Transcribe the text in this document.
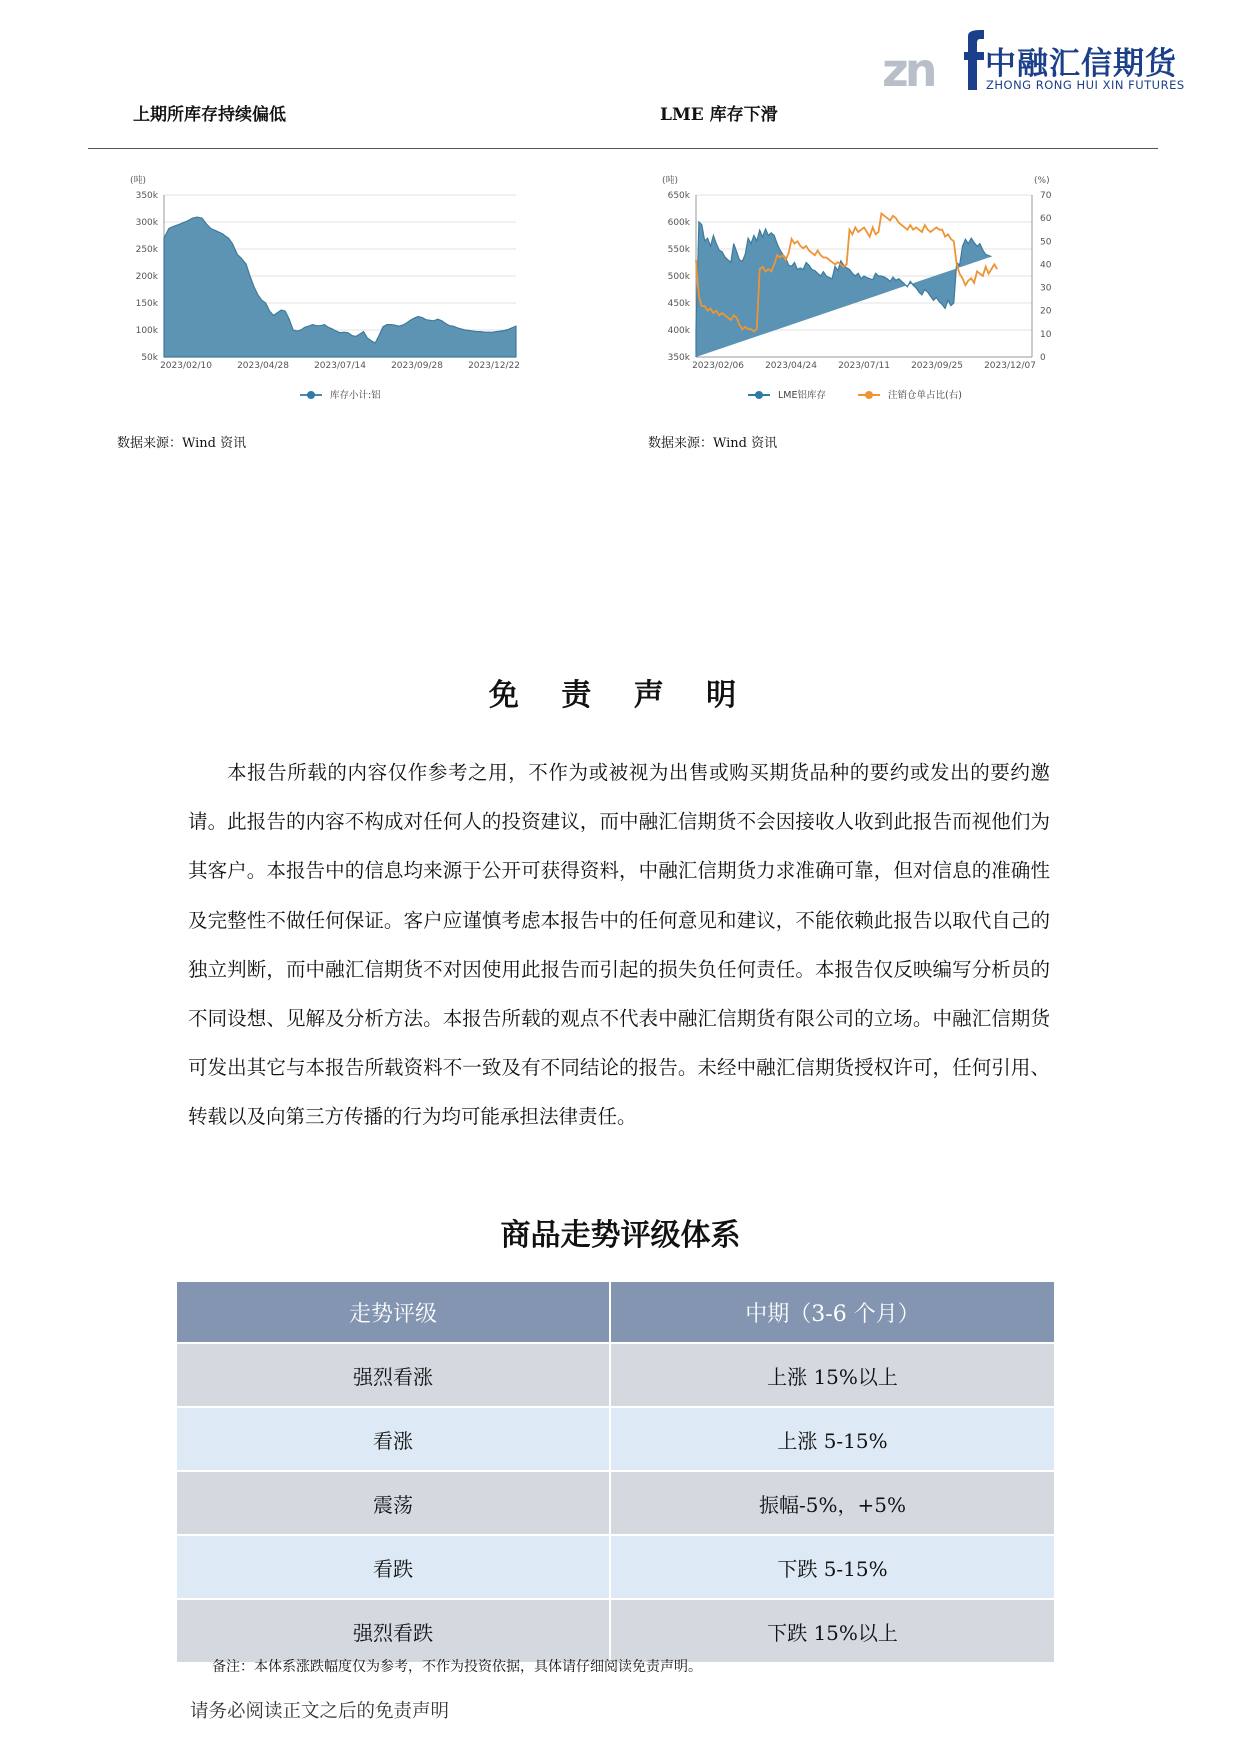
zn 中融汇信期货
ZHONG RONG HUI XIN FUTURES
上期所库存持续偏低	LME 库存下滑
350k
300k
250k
200k
150k
100k
50k
(吨)
2023/02/10	2023/04/28	2023/07/14	2023/09/28	2023/12/22
库存小计:铝
650k
600k
550k
500k
450k
400k
350k
(吨)
70
60
50
40
30
20
10
0
(%)
2023/02/06 2023/04/24 2023/07/11 2023/09/25 2023/12/07
LME铝库存	注销仓单占比(右)
数据来源：Wind 资讯	数据来源：Wind 资讯
免 责 声 明
本报告所载的内容仅作参考之用，不作为或被视为出售或购买期货品种的要约或发出的要约邀请。此报告的内容不构成对任何人的投资建议，而中融汇信期货不会因接收人收到此报告而视他们为其客户。本报告中的信息均来源于公开可获得资料，中融汇信期货力求准确可靠，但对信息的准确性及完整性不做任何保证。客户应谨慎考虑本报告中的任何意见和建议，不能依赖此报告以取代自己的独立判断，而中融汇信期货不对因使用此报告而引起的损失负任何责任。本报告仅反映编写分析员的不同设想、见解及分析方法。本报告所载的观点不代表中融汇信期货有限公司的立场。中融汇信期货可发出其它与本报告所载资料不一致及有不同结论的报告。未经中融汇信期货授权许可，任何引用、转载以及向第三方传播的行为均可能承担法律责任。
商品走势评级体系
走势评级	中期（3-6 个月）
强烈看涨	上涨 15%以上
看涨	上涨 5-15%
震荡	振幅-5%，+5%
看跌	下跌 5-15%
强烈看跌	下跌 15%以上
备注：本体系涨跌幅度仅为参考，不作为投资依据，具体请仔细阅读免责声明。
请务必阅读正文之后的免责声明
